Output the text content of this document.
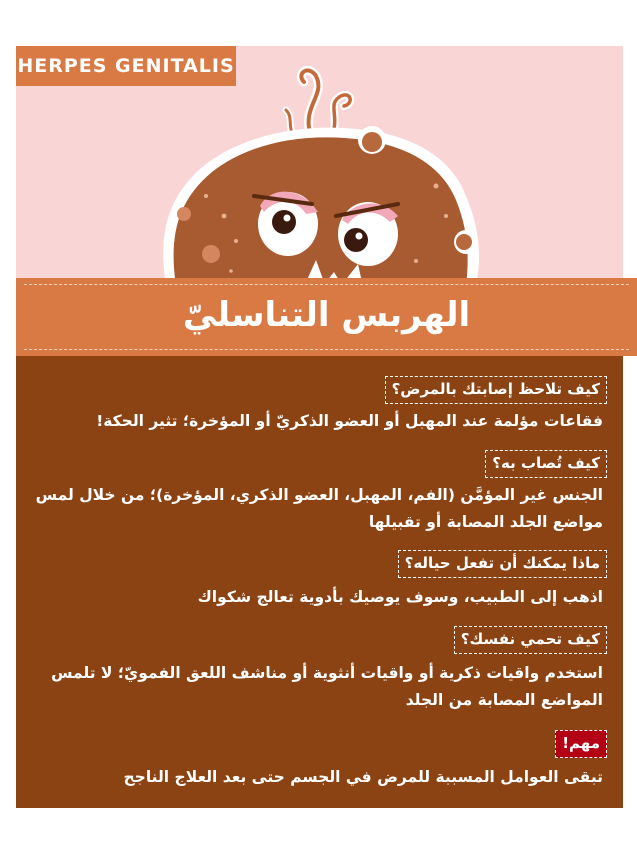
HERPES GENITALIS
الهربس التناسليّ
كيف تلاحظ إصابتك بالمرض؟
فقاعات مؤلمة عند المهبل أو العضو الذكريّ أو المؤخرة؛ تثير الحكة!
كيف تُصاب به؟
الجنس غير المؤمَّن (الفم، المهبل، العضو الذكري، المؤخرة)؛ من خلال لمس مواضع الجلد المصابة أو تقبيلها
ماذا يمكنك أن تفعل حياله؟
اذهب إلى الطبيب، وسوف يوصيك بأدوية تعالج شكواك
كيف تحمي نفسك؟
استخدم واقيات ذكرية أو واقيات أنثوية أو مناشف اللعق الفمويّ؛ لا تلمس المواضع المصابة من الجلد
مهم!
تبقى العوامل المسببة للمرض في الجسم حتى بعد العلاج الناجح
